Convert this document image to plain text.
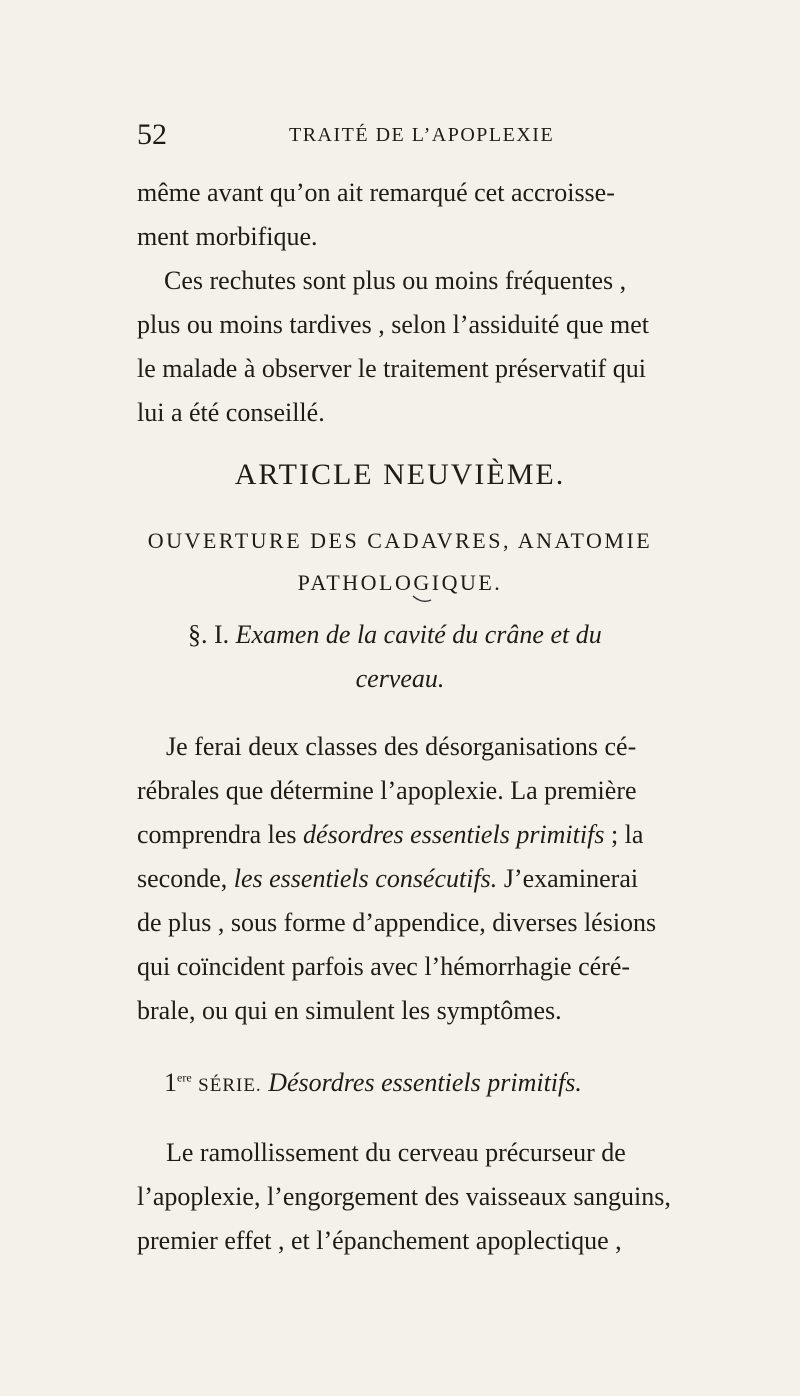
52	TRAITÉ DE L’APOPLEXIE
même avant qu’on ait remarqué cet accroisse-
ment morbifique.
Ces rechutes sont plus ou moins fréquentes ,
plus ou moins tardives , selon l’assiduité que met
le malade à observer le traitement préservatif qui
lui a été conseillé.
ARTICLE NEUVIÈME.
OUVERTURE DES CADAVRES, ANATOMIE
PATHOLOGIQUE.
§. I. Examen de la cavité du crâne et du
cerveau.
Je ferai deux classes des désorganisations cé-
rébrales que détermine l’apoplexie. La première
comprendra les désordres essentiels primitifs ; la
seconde, les essentiels consécutifs. J’examinerai
de plus , sous forme d’appendice, diverses lésions
qui coïncident parfois avec l’hémorrhagie céré-
brale, ou qui en simulent les symptômes.
1ere SÉRIE. Désordres essentiels primitifs.
Le ramollissement du cerveau précurseur de
l’apoplexie, l’engorgement des vaisseaux sanguins,
premier effet , et l’épanchement apoplectique ,
